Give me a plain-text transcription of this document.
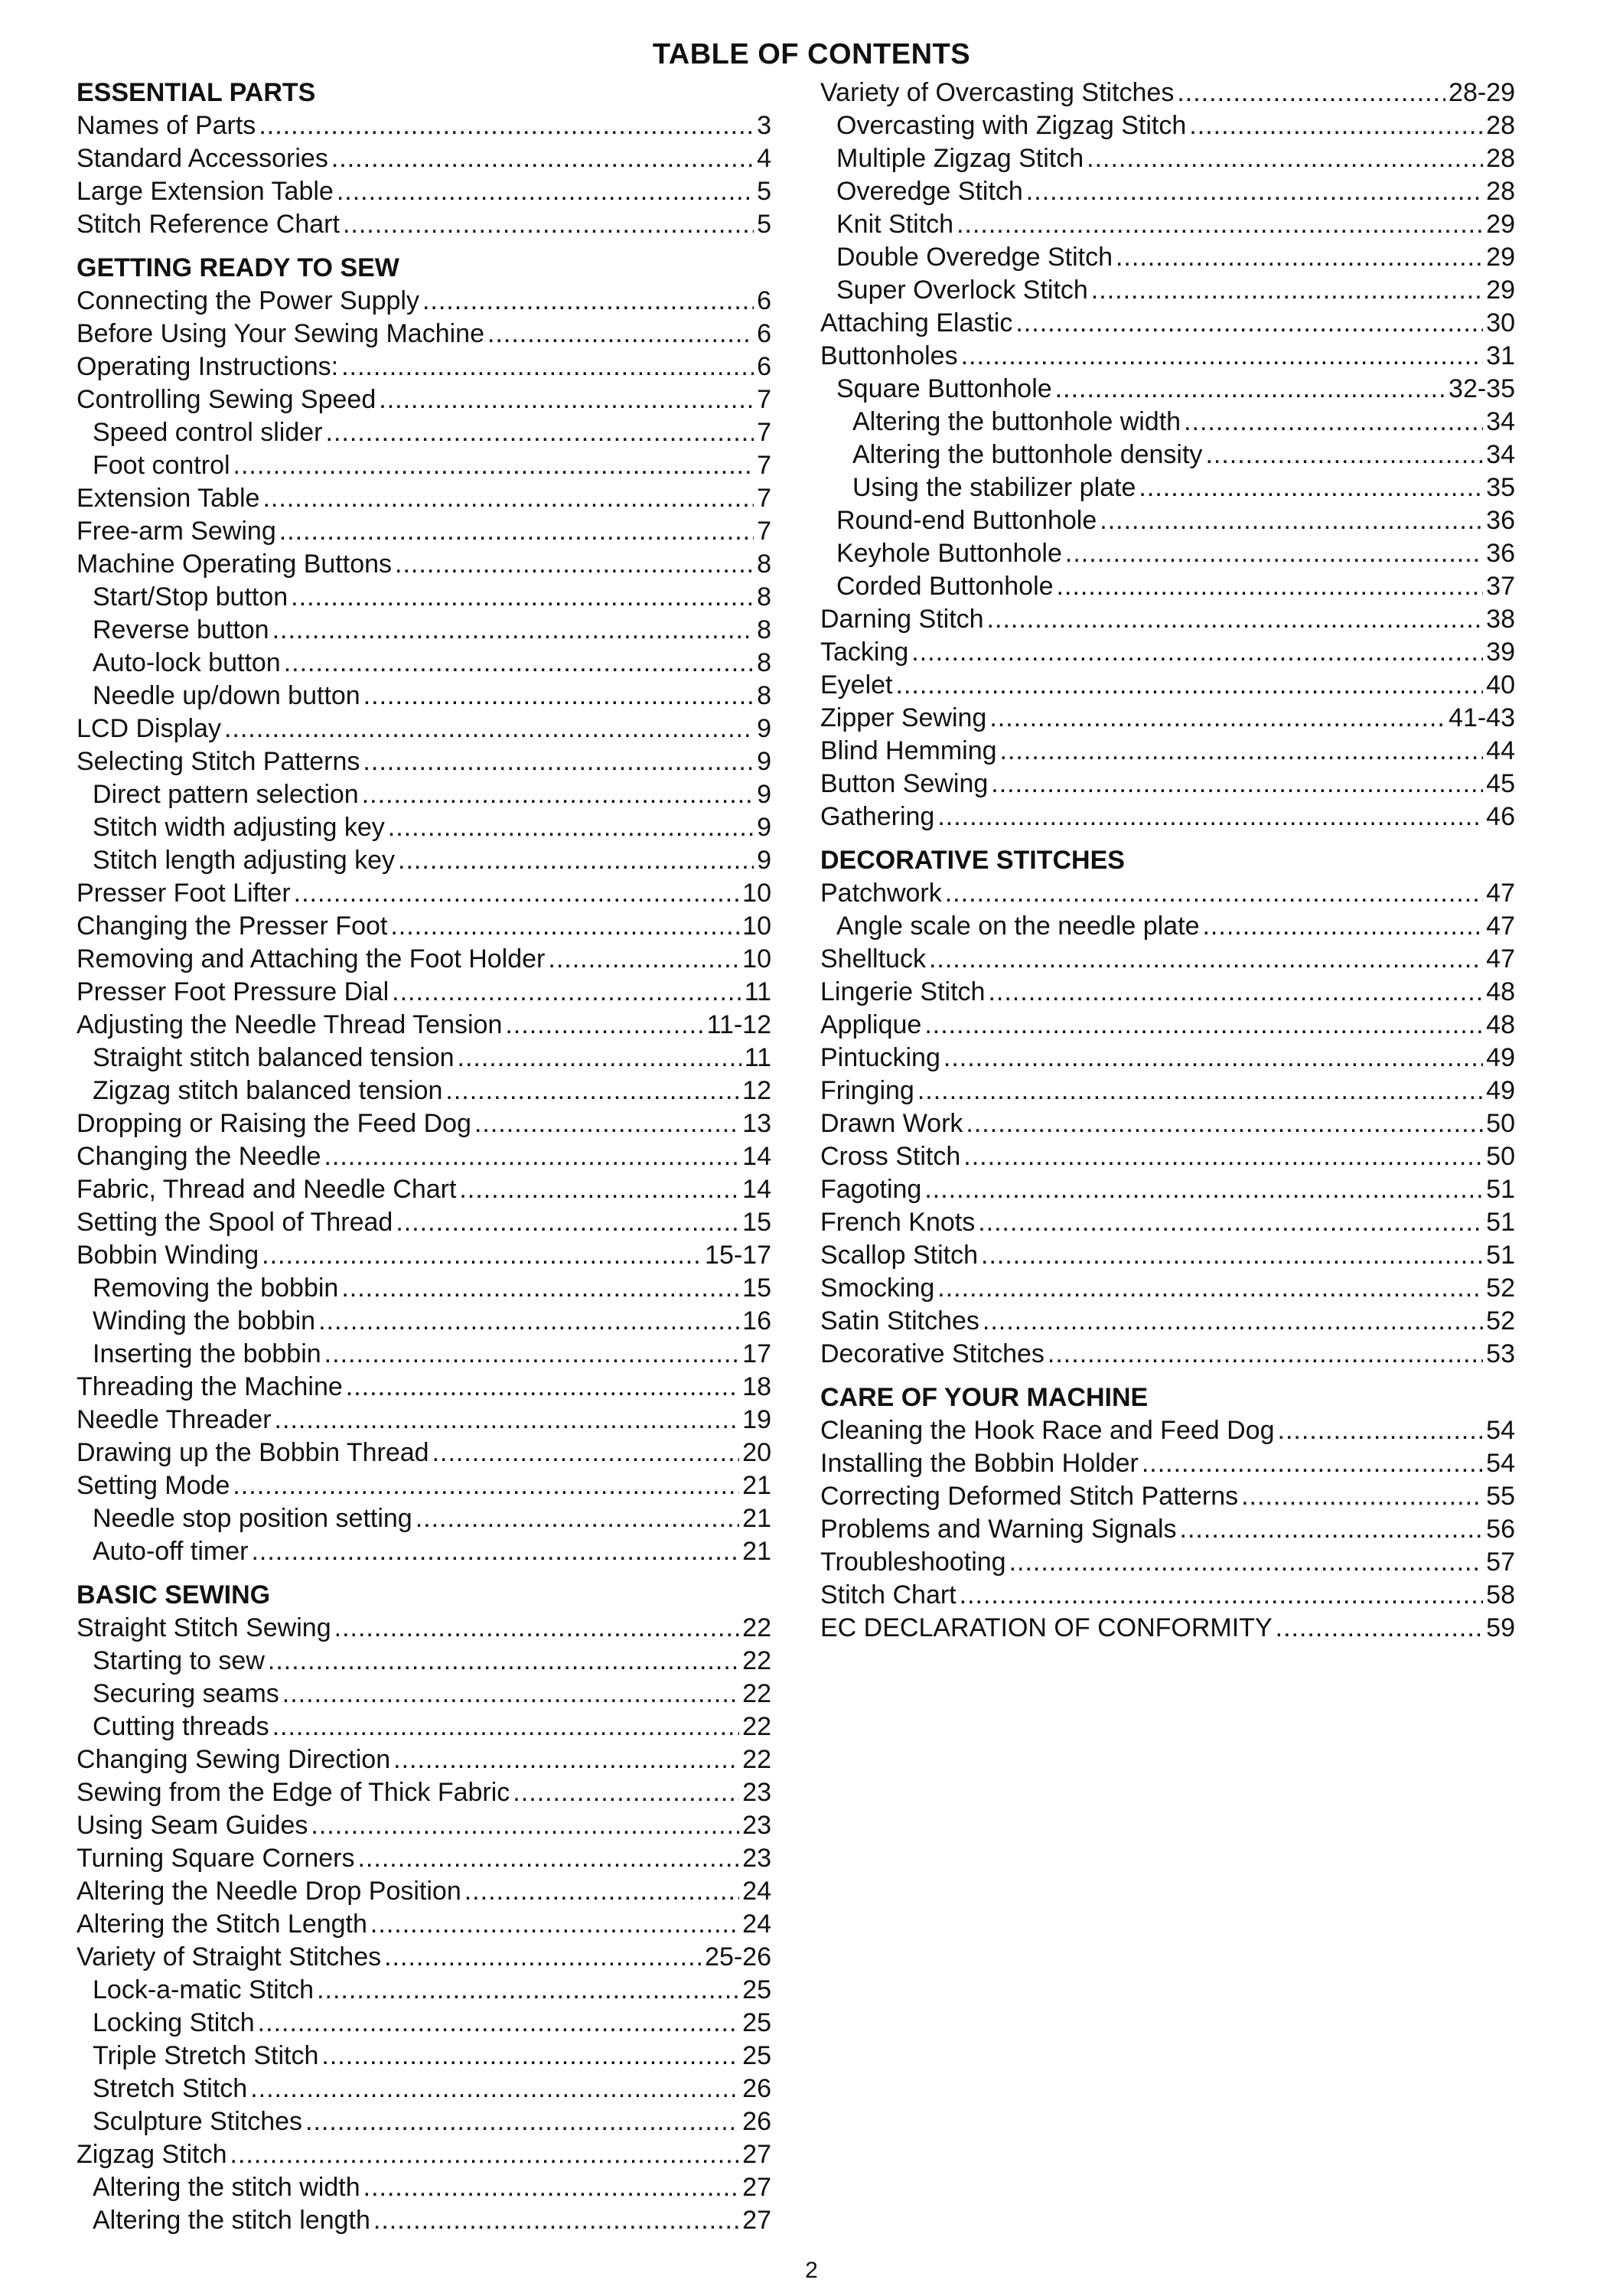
TABLE OF CONTENTS
ESSENTIAL PARTS
Names of Parts .....	3
Standard Accessories .....	4
Large Extension Table .....	5
Stitch Reference Chart .....	5
GETTING READY TO SEW
Connecting the Power Supply .....	6
Before Using Your Sewing Machine .....	6
Operating Instructions: .....	6
Controlling Sewing Speed .....	7
Speed control slider .....	7
Foot control .....	7
Extension Table .....	7
Free-arm Sewing .....	7
Machine Operating Buttons .....	8
Start/Stop button .....	8
Reverse button .....	8
Auto-lock button .....	8
Needle up/down button .....	8
LCD Display .....	9
Selecting Stitch Patterns .....	9
Direct pattern selection .....	9
Stitch width adjusting key .....	9
Stitch length adjusting key .....	9
Presser Foot Lifter .....	10
Changing the Presser Foot .....	10
Removing and Attaching the Foot Holder .....	10
Presser Foot Pressure Dial .....	11
Adjusting the Needle Thread Tension .....	11-12
Straight stitch balanced tension .....	11
Zigzag stitch balanced tension .....	12
Dropping or Raising the Feed Dog .....	13
Changing the Needle .....	14
Fabric, Thread and Needle Chart .....	14
Setting the Spool of Thread .....	15
Bobbin Winding .....	15-17
Removing the bobbin .....	15
Winding the bobbin .....	16
Inserting the bobbin .....	17
Threading the Machine .....	18
Needle Threader .....	19
Drawing up the Bobbin Thread .....	20
Setting Mode .....	21
Needle stop position setting .....	21
Auto-off timer .....	21
BASIC SEWING
Straight Stitch Sewing .....	22
Starting to sew .....	22
Securing seams .....	22
Cutting threads .....	22
Changing Sewing Direction .....	22
Sewing from the Edge of Thick Fabric .....	23
Using Seam Guides .....	23
Turning Square Corners .....	23
Altering the Needle Drop Position .....	24
Altering the Stitch Length .....	24
Variety of Straight Stitches .....	25-26
Lock-a-matic Stitch .....	25
Locking Stitch .....	25
Triple Stretch Stitch .....	25
Stretch Stitch .....	26
Sculpture Stitches .....	26
Zigzag Stitch .....	27
Altering the stitch width .....	27
Altering the stitch length .....	27
Variety of Overcasting Stitches .....	28-29
Overcasting with Zigzag Stitch .....	28
Multiple Zigzag Stitch .....	28
Overedge Stitch .....	28
Knit Stitch .....	29
Double Overedge Stitch .....	29
Super Overlock Stitch .....	29
Attaching Elastic .....	30
Buttonholes .....	31
Square Buttonhole .....	32-35
Altering the buttonhole width .....	34
Altering the buttonhole density .....	34
Using the stabilizer plate .....	35
Round-end Buttonhole .....	36
Keyhole Buttonhole .....	36
Corded Buttonhole .....	37
Darning Stitch .....	38
Tacking .....	39
Eyelet .....	40
Zipper Sewing .....	41-43
Blind Hemming .....	44
Button Sewing .....	45
Gathering .....	46
DECORATIVE STITCHES
Patchwork .....	47
Angle scale on the needle plate .....	47
Shelltuck .....	47
Lingerie Stitch .....	48
Applique .....	48
Pintucking .....	49
Fringing .....	49
Drawn Work .....	50
Cross Stitch .....	50
Fagoting .....	51
French Knots .....	51
Scallop Stitch .....	51
Smocking .....	52
Satin Stitches .....	52
Decorative Stitches .....	53
CARE OF YOUR MACHINE
Cleaning the Hook Race and Feed Dog .....	54
Installing the Bobbin Holder .....	54
Correcting Deformed Stitch Patterns .....	55
Problems and Warning Signals .....	56
Troubleshooting .....	57
Stitch Chart .....	58
EC DECLARATION OF CONFORMITY .....	59
2
